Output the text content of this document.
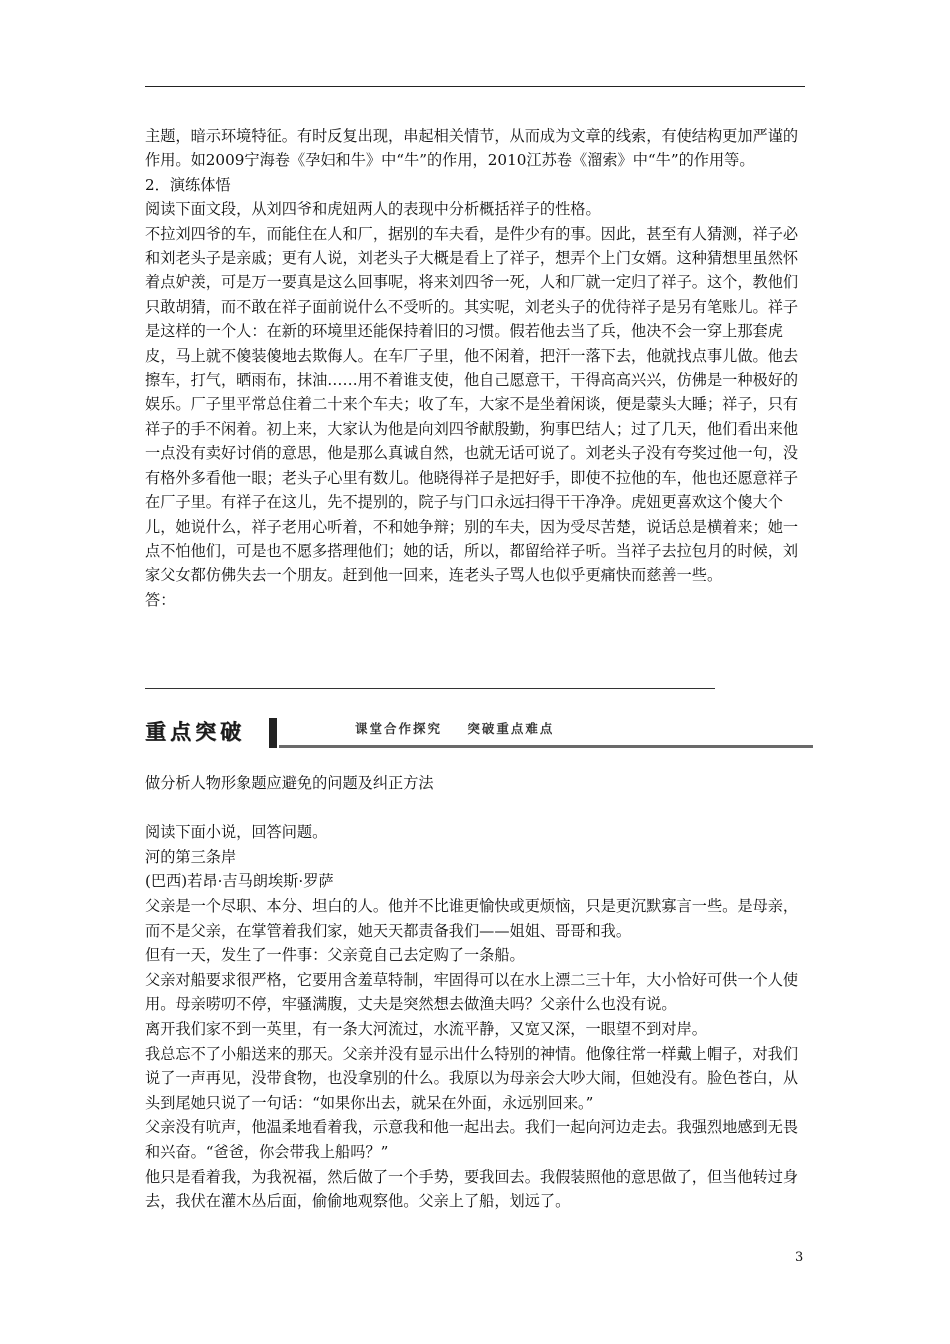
主题，暗示环境特征。有时反复出现，串起相关情节，从而成为文章的线索，有使结构更加严谨的作用。如2009宁海卷《孕妇和牛》中“牛”的作用，2010江苏卷《溜索》中“牛”的作用等。

2．演练体悟

阅读下面文段，从刘四爷和虎妞两人的表现中分析概括祥子的性格。

不拉刘四爷的车，而能住在人和厂，据别的车夫看，是件少有的事。因此，甚至有人猜测，祥子必和刘老头子是亲戚；更有人说，刘老头子大概是看上了祥子，想弄个上门女婿。这种猜想里虽然怀着点妒羡，可是万一要真是这么回事呢，将来刘四爷一死，人和厂就一定归了祥子。这个，教他们只敢胡猜，而不敢在祥子面前说什么不受听的。其实呢，刘老头子的优待祥子是另有笔账儿。祥子是这样的一个人：在新的环境里还能保持着旧的习惯。假若他去当了兵，他决不会一穿上那套虎皮，马上就不傻装傻地去欺侮人。在车厂子里，他不闲着，把汗一落下去，他就找点事儿做。他去擦车，打气，晒雨布，抹油……用不着谁支使，他自己愿意干，干得高高兴兴，仿佛是一种极好的娱乐。厂子里平常总住着二十来个车夫；收了车，大家不是坐着闲谈，便是蒙头大睡；祥子，只有祥子的手不闲着。初上来，大家认为他是向刘四爷献殷勤，狗事巴结人；过了几天，他们看出来他一点没有卖好讨俏的意思，他是那么真诚自然，也就无话可说了。刘老头子没有夸奖过他一句，没有格外多看他一眼；老头子心里有数儿。他晓得祥子是把好手，即使不拉他的车，他也还愿意祥子在厂子里。有祥子在这儿，先不提别的，院子与门口永远扫得干干净净。虎妞更喜欢这个傻大个儿，她说什么，祥子老用心听着，不和她争辩；别的车夫，因为受尽苦楚，说话总是横着来；她一点不怕他们，可是也不愿多搭理他们；她的话，所以，都留给祥子听。当祥子去拉包月的时候，刘家父女都仿佛失去一个朋友。赶到他一回来，连老头子骂人也似乎更痛快而慈善一些。

答：

重点突破	课堂合作探究    突破重点难点

做分析人物形象题应避免的问题及纠正方法

阅读下面小说，回答问题。

河的第三条岸

(巴西)若昂·吉马朗埃斯·罗萨

父亲是一个尽职、本分、坦白的人。他并不比谁更愉快或更烦恼，只是更沉默寡言一些。是母亲，而不是父亲，在掌管着我们家，她天天都责备我们——姐姐、哥哥和我。

但有一天，发生了一件事：父亲竟自己去定购了一条船。

父亲对船要求很严格，它要用含羞草特制，牢固得可以在水上漂二三十年，大小恰好可供一个人使用。母亲唠叨不停，牢骚满腹，丈夫是突然想去做渔夫吗？父亲什么也没有说。

离开我们家不到一英里，有一条大河流过，水流平静，又宽又深，一眼望不到对岸。

我总忘不了小船送来的那天。父亲并没有显示出什么特别的神情。他像往常一样戴上帽子，对我们说了一声再见，没带食物，也没拿别的什么。我原以为母亲会大吵大闹，但她没有。脸色苍白，从头到尾她只说了一句话：“如果你出去，就呆在外面，永远别回来。”

父亲没有吭声，他温柔地看着我，示意我和他一起出去。我们一起向河边走去。我强烈地感到无畏和兴奋。“爸爸，你会带我上船吗？”

他只是看着我，为我祝福，然后做了一个手势，要我回去。我假装照他的意思做了，但当他转过身去，我伏在灌木丛后面，偷偷地观察他。父亲上了船，划远了。

3
